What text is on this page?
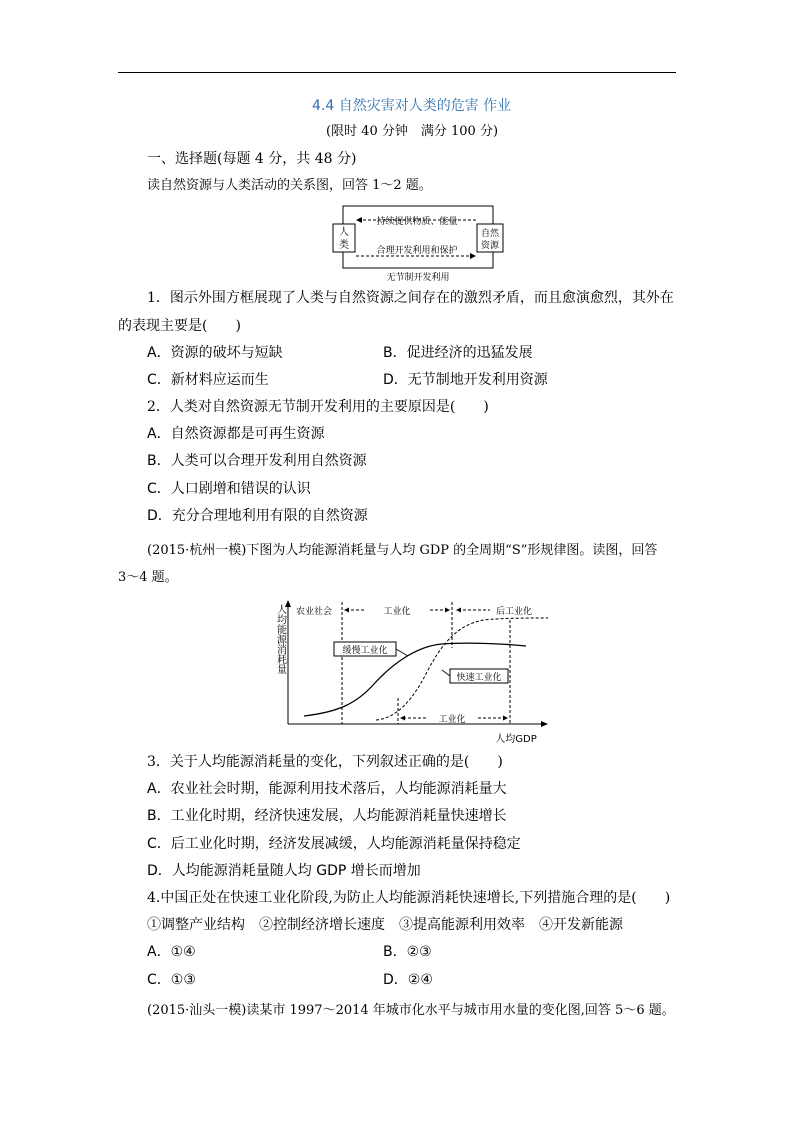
4.4 自然灾害对人类的危害 作业
(限时 40 分钟　满分 100 分)
一、选择题(每题 4 分，共 48 分)
读自然资源与人类活动的关系图，回答 1～2 题。
人
类
自然
资源
持续提供物质、能量
合理开发利用和保护
无节制开发利用
1．图示外围方框展现了人类与自然资源之间存在的激烈矛盾，而且愈演愈烈，其外在
的表现主要是(　　)
A．资源的破坏与短缺	B．促进经济的迅猛发展
C．新材料应运而生	D．无节制地开发利用资源
2．人类对自然资源无节制开发利用的主要原因是(　　)
A．自然资源都是可再生资源
B．人类可以合理开发利用自然资源
C．人口剧增和错误的认识
D．充分合理地利用有限的自然资源
(2015·杭州一模)下图为人均能源消耗量与人均 GDP 的全周期“S”形规律图。读图，回答
3～4 题。
人均能源消耗量
人均GDP
农业社会	工业化	后工业化
缓慢工业化
快速工业化
工业化
3．关于人均能源消耗量的变化，下列叙述正确的是(　　)
A．农业社会时期，能源利用技术落后，人均能源消耗量大
B．工业化时期，经济快速发展，人均能源消耗量快速增长
C．后工业化时期，经济发展减缓，人均能源消耗量保持稳定
D．人均能源消耗量随人均 GDP 增长而增加
4.中国正处在快速工业化阶段,为防止人均能源消耗快速增长,下列措施合理的是(　　)
①调整产业结构　②控制经济增长速度　③提高能源利用效率　④开发新能源
A．①④	B．②③
C．①③	D．②④
(2015·汕头一模)读某市 1997～2014 年城市化水平与城市用水量的变化图,回答 5～6 题。
